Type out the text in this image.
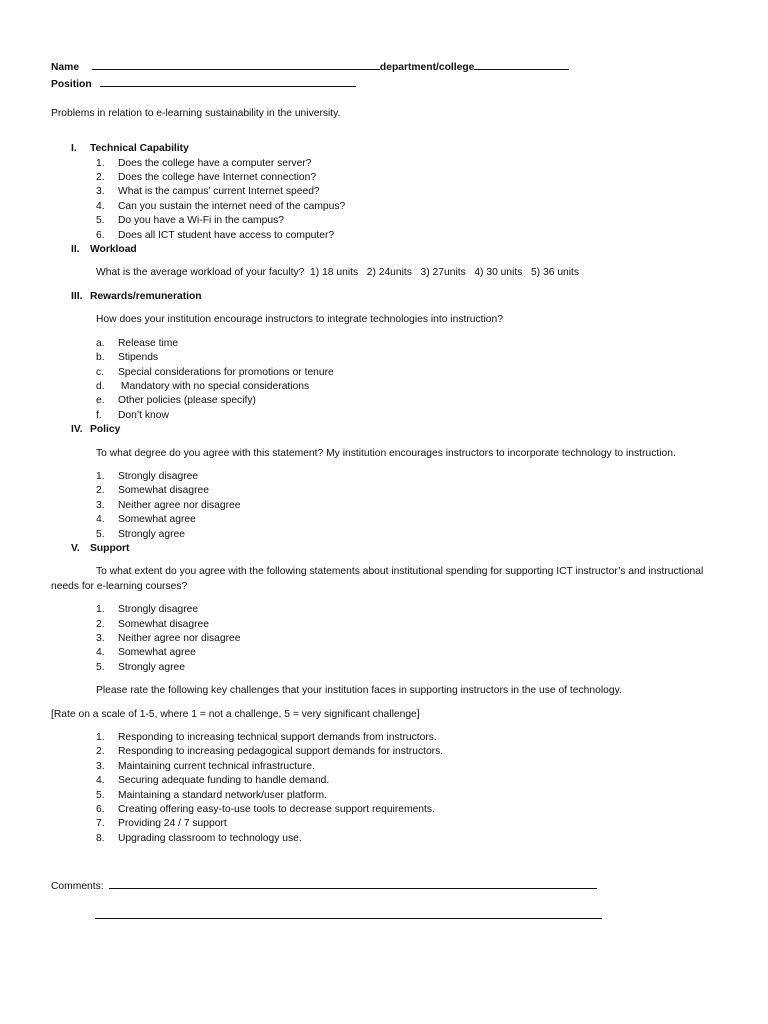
Name	department/college
Position

Problems in relation to e-learning sustainability in the university.

I. Technical Capability

1.	Does the college have a computer server?
2.	Does the college have Internet connection?
3.	What is the campus’ current Internet speed?
4.	Can you sustain the internet need of the campus?
5.	Do you have a Wi-Fi in the campus?
6.	Does all ICT student have access to computer?

II. Workload

What is the average workload of your faculty?  1) 18 units   2) 24units   3) 27units   4) 30 units   5) 36 units

III. Rewards/remuneration

How does your institution encourage instructors to integrate technologies into instruction?

a.	Release time
b.	Stipends
c.	Special considerations for promotions or tenure
d.	Mandatory with no special considerations
e.	Other policies (please specify)
f.	Don’t know

IV. Policy

To what degree do you agree with this statement? My institution encourages instructors to incorporate technology to instruction.

1.	Strongly disagree
2.	Somewhat disagree
3.	Neither agree nor disagree
4.	Somewhat agree
5.	Strongly agree

V. Support

To what extent do you agree with the following statements about institutional spending for supporting ICT instructor’s and instructional needs for e-learning courses?

1.	Strongly disagree
2.	Somewhat disagree
3.	Neither agree nor disagree
4.	Somewhat agree
5.	Strongly agree

Please rate the following key challenges that your institution faces in supporting instructors in the use of technology.

[Rate on a scale of 1-5, where 1 = not a challenge, 5 = very significant challenge]

1.	Responding to increasing technical support demands from instructors.
2.	Responding to increasing pedagogical support demands for instructors.
3.	Maintaining current technical infrastructure.
4.	Securing adequate funding to handle demand.
5.	Maintaining a standard network/user platform.
6.	Creating offering easy-to-use tools to decrease support requirements.
7.	Providing 24 / 7 support
8.	Upgrading classroom to technology use.
Comments:
